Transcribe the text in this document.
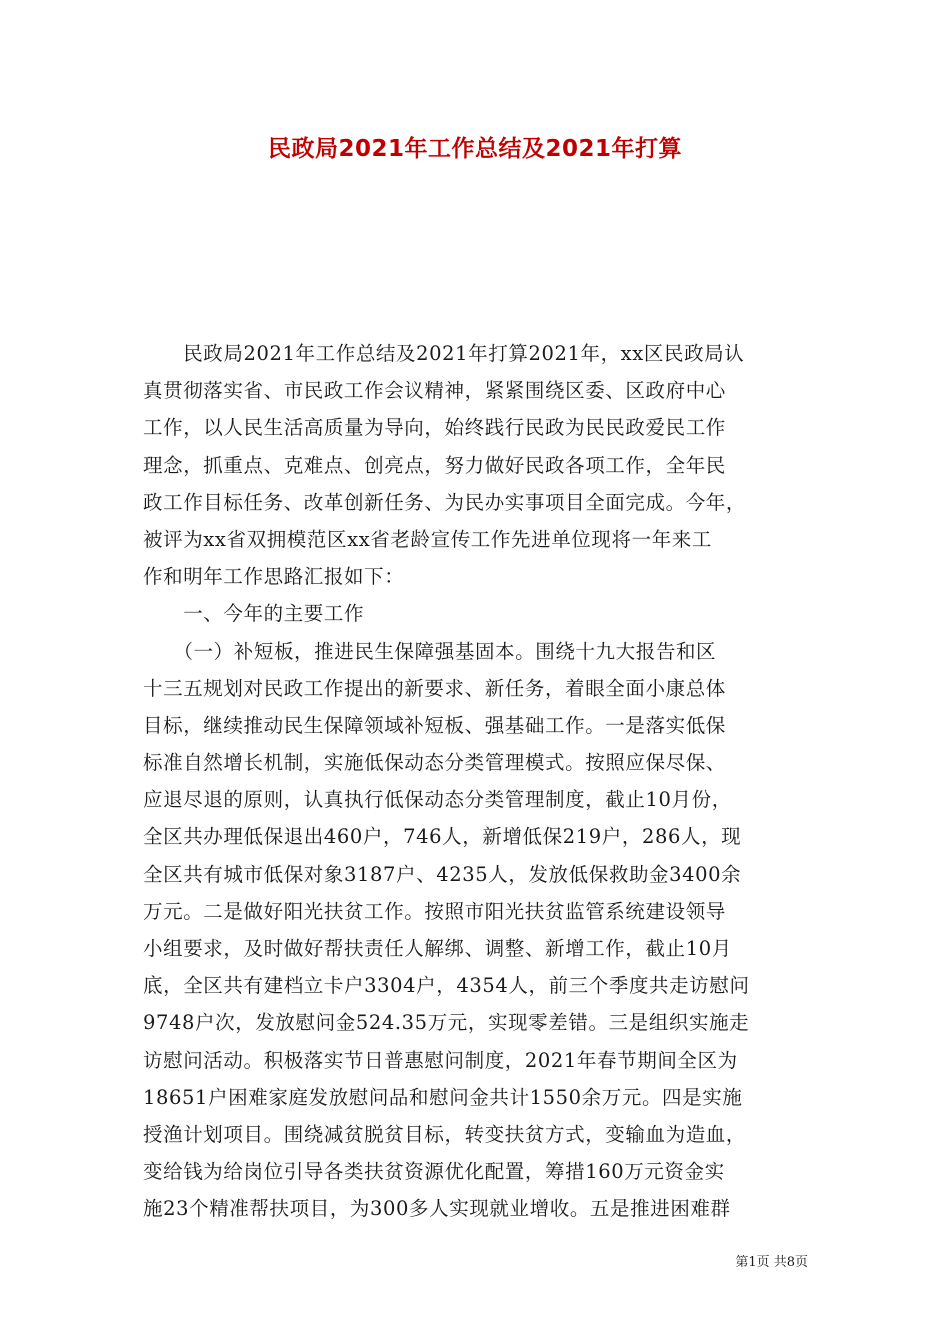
民政局2021年工作总结及2021年打算
　　民政局2021年工作总结及2021年打算2021年，xx区民政局认
真贯彻落实省、市民政工作会议精神，紧紧围绕区委、区政府中心
工作，以人民生活高质量为导向，始终践行民政为民民政爱民工作
理念，抓重点、克难点、创亮点，努力做好民政各项工作，全年民
政工作目标任务、改革创新任务、为民办实事项目全面完成。今年，
被评为xx省双拥模范区xx省老龄宣传工作先进单位现将一年来工
作和明年工作思路汇报如下：
　　一、今年的主要工作
　　（一）补短板，推进民生保障强基固本。围绕十九大报告和区
十三五规划对民政工作提出的新要求、新任务，着眼全面小康总体
目标，继续推动民生保障领域补短板、强基础工作。一是落实低保
标准自然增长机制，实施低保动态分类管理模式。按照应保尽保、
应退尽退的原则，认真执行低保动态分类管理制度，截止10月份，
全区共办理低保退出460户，746人，新增低保219户，286人，现
全区共有城市低保对象3187户、4235人，发放低保救助金3400余
万元。二是做好阳光扶贫工作。按照市阳光扶贫监管系统建设领导
小组要求，及时做好帮扶责任人解绑、调整、新增工作，截止10月
底，全区共有建档立卡户3304户，4354人，前三个季度共走访慰问
9748户次，发放慰问金524.35万元，实现零差错。三是组织实施走
访慰问活动。积极落实节日普惠慰问制度，2021年春节期间全区为
18651户困难家庭发放慰问品和慰问金共计1550余万元。四是实施
授渔计划项目。围绕减贫脱贫目标，转变扶贫方式，变输血为造血，
变给钱为给岗位引导各类扶贫资源优化配置，筹措160万元资金实
施23个精准帮扶项目，为300多人实现就业增收。五是推进困难群
第1页 共8页
